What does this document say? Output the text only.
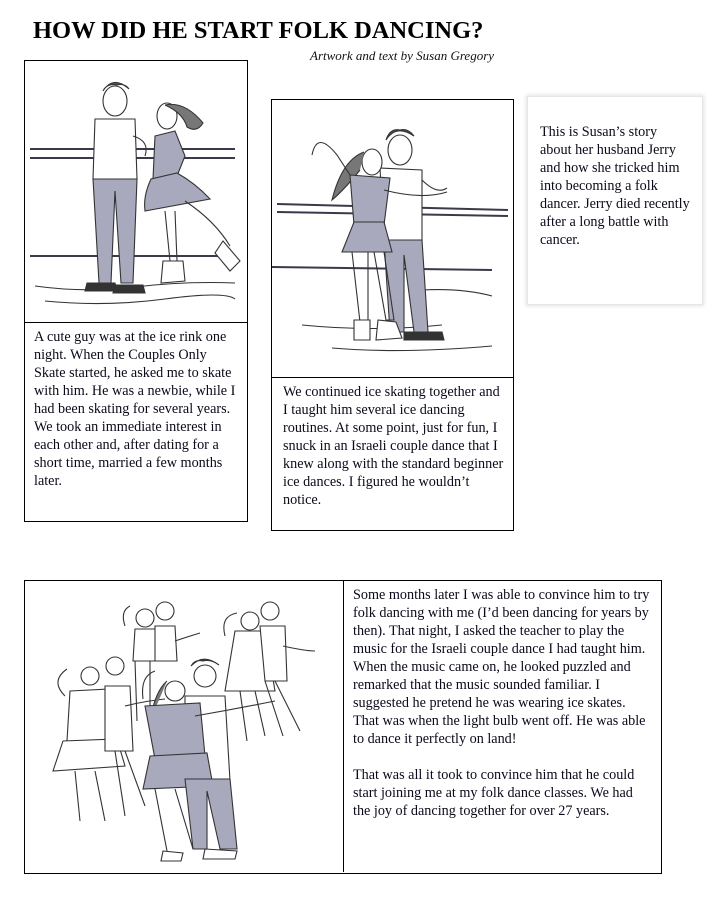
HOW DID HE START FOLK DANCING?
Artwork and text by Susan Gregory

A cute guy was at the ice rink one night. When the Couples Only Skate started, he asked me to skate with him. He was a newbie, while I had been skating for several years. We took an immediate interest in each other and, after dating for a short time, married a few months later.

We continued ice skating together and I taught him several ice dancing routines. At some point, just for fun, I snuck in an Israeli couple dance that I knew along with the standard beginner ice dances. I figured he wouldn’t notice.

This is Susan’s story about her husband Jerry and how she tricked him into becoming a folk dancer. Jerry died recently after a long battle with cancer.

Some months later I was able to convince him to try folk dancing with me (I’d been dancing for years by then). That night, I asked the teacher to play the music for the Israeli couple dance I had taught him. When the music came on, he looked puzzled and remarked that the music sounded familiar. I suggested he pretend he was wearing ice skates. That was when the light bulb went off. He was able to dance it perfectly on land!

That was all it took to convince him that he could start joining me at my folk dance classes. We had the joy of dancing together for over 27 years.
